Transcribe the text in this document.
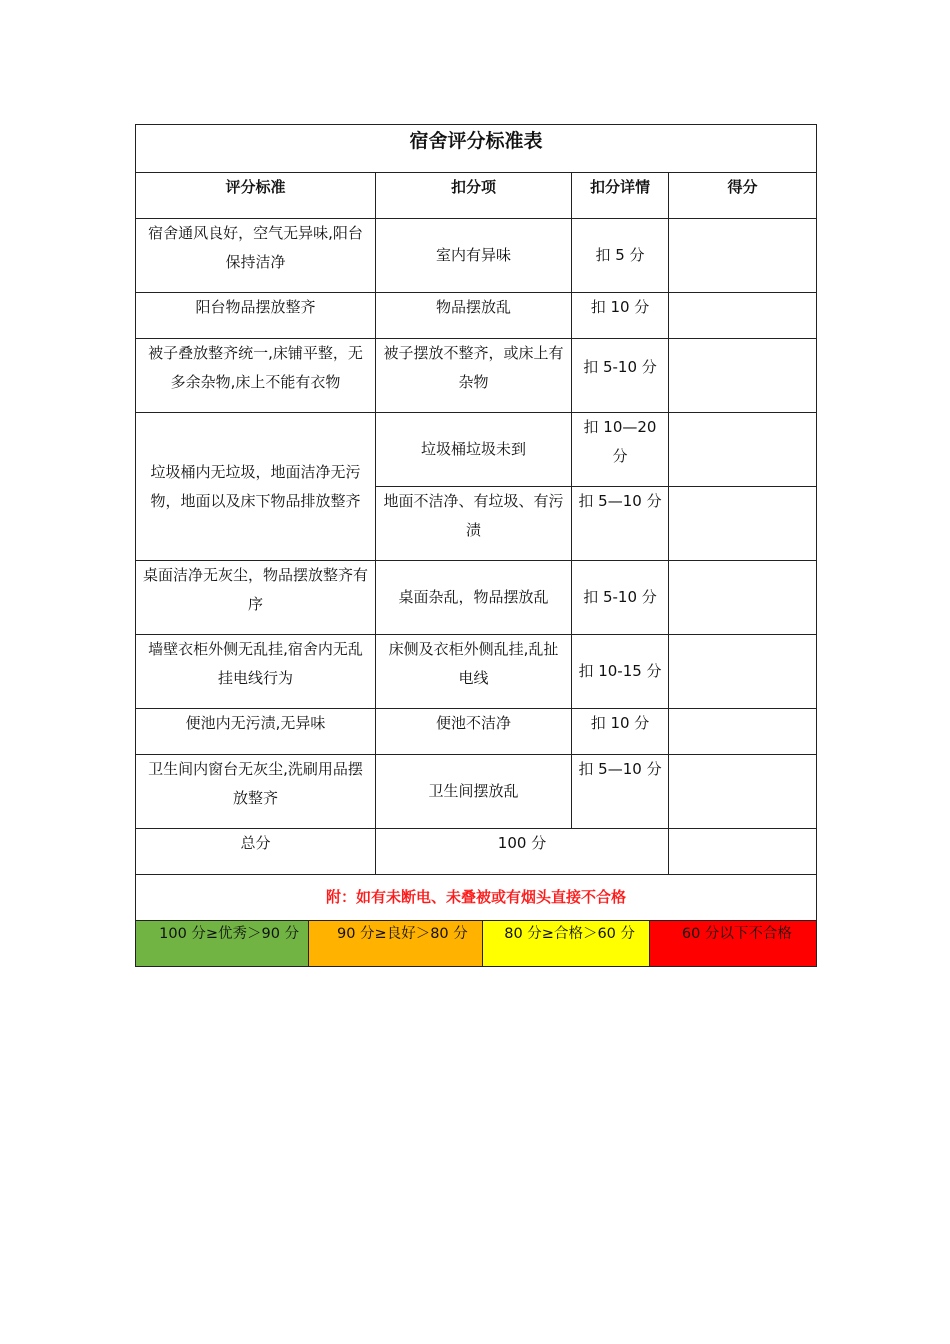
宿舍评分标准表			
评分标准	扣分项	扣分详情	得分
宿舍通风良好，空气无异味,阳台保持洁净	室内有异味	扣 5 分	
阳台物品摆放整齐	物品摆放乱	扣 10 分	
被子叠放整齐统一,床铺平整，无多余杂物,床上不能有衣物	被子摆放不整齐，或床上有杂物	扣 5-10 分	
垃圾桶内无垃圾，地面洁净无污物，地面以及床下物品排放整齐	垃圾桶垃圾未到	扣 10—20 分	
	地面不洁净、有垃圾、有污渍	扣 5—10 分	
桌面洁净无灰尘，物品摆放整齐有序	桌面杂乱，物品摆放乱	扣 5-10 分	
墙壁衣柜外侧无乱挂,宿舍内无乱挂电线行为	床侧及衣柜外侧乱挂,乱扯电线	扣 10-15 分	
便池内无污渍,无异味	便池不洁净	扣 10 分	
卫生间内窗台无灰尘,洗刷用品摆放整齐	卫生间摆放乱	扣 5—10 分	
总分	100 分		
附：如有未断电、未叠被或有烟头直接不合格			

100 分≥优秀＞90 分 90 分≥良好＞80 分 80 分≥合格＞60 分 60 分以下不合格			
